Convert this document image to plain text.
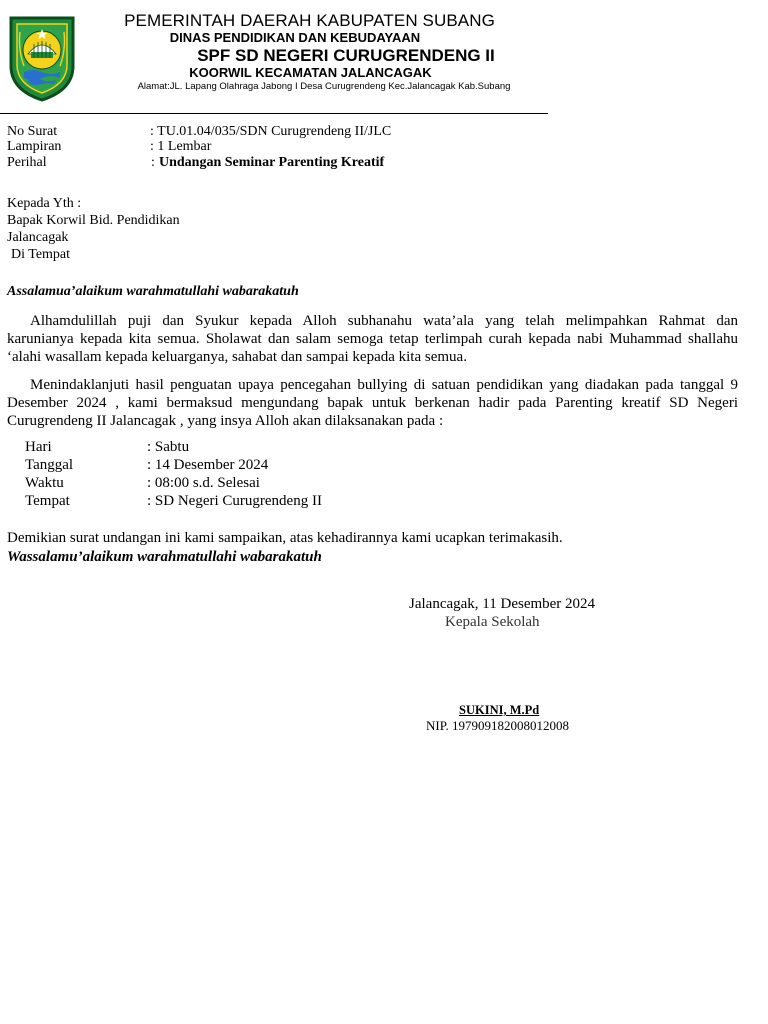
PEMERINTAH DAERAH KABUPATEN SUBANG
DINAS PENDIDIKAN DAN KEBUDAYAAN
SPF SD NEGERI CURUGRENDENG II
KOORWIL KECAMATAN JALANCAGAK
Alamat:JL. Lapang Olahraga Jabong I Desa Curugrendeng Kec.Jalancagak Kab.Subang
No Surat	: TU.01.04/035/SDN Curugrendeng II/JLC
Lampiran	: 1 Lembar
Perihal	: Undangan Seminar Parenting Kreatif
Kepada Yth :
Bapak Korwil Bid. Pendidikan
Jalancagak
Di Tempat
Assalamua’alaikum warahmatullahi wabarakatuh

Alhamdulillah puji dan Syukur kepada Alloh subhanahu wata’ala yang telah melimpahkan Rahmat dan

karunianya kepada kita semua. Sholawat dan salam semoga tetap terlimpah curah kepada nabi Muhammad shallahu

‘alahi wasallam kepada keluarganya, sahabat dan sampai kepada kita semua.

Menindaklanjuti hasil penguatan upaya pencegahan bullying di satuan pendidikan yang diadakan pada tanggal 9

Desember 2024 , kami bermaksud mengundang bapak untuk berkenan hadir pada Parenting kreatif SD Negeri

Curugrendeng II Jalancagak , yang insya Alloh akan dilaksanakan pada :

Hari	: Sabtu
Tanggal	: 14 Desember 2024
Waktu	: 08:00 s.d. Selesai
Tempat	: SD Negeri Curugrendeng II
Demikian surat undangan ini kami sampaikan, atas kehadirannya kami ucapkan terimakasih.
Wassalamu’alaikum warahmatullahi wabarakatuh
Jalancagak, 11 Desember 2024
Kepala Sekolah
SUKINI, M.Pd
NIP. 197909182008012008
